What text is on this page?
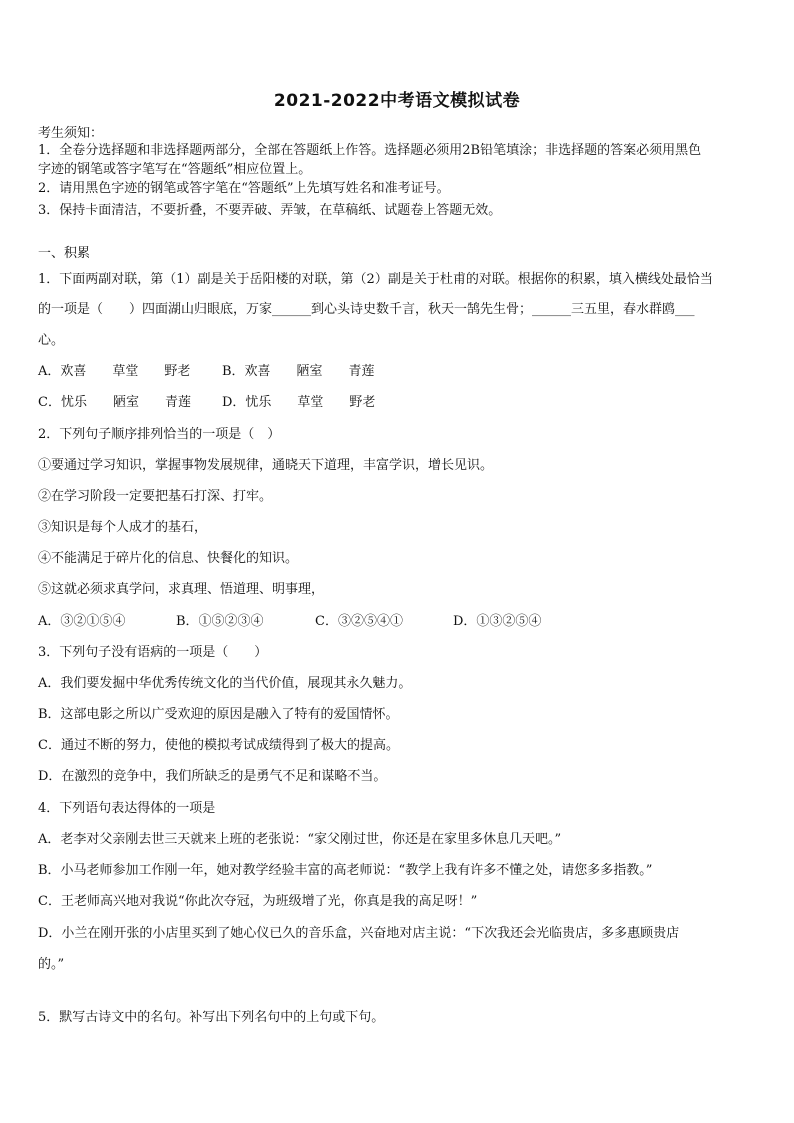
2021-2022中考语文模拟试卷
考生须知：
1．全卷分选择题和非选择题两部分，全部在答题纸上作答。选择题必须用2B铅笔填涂；非选择题的答案必须用黑色
字迹的钢笔或答字笔写在“答题纸”相应位置上。
2．请用黑色字迹的钢笔或答字笔在“答题纸”上先填写姓名和准考证号。
3．保持卡面清洁，不要折叠，不要弄破、弄皱，在草稿纸、试题卷上答题无效。
一、积累
1．下面两副对联，第（1）副是关于岳阳楼的对联，第（2）副是关于杜甫的对联。根据你的积累，填入横线处最恰当
的一项是（　　）四面湖山归眼底，万家______到心头诗史数千言，秋天一鹄先生骨；______三五里，春水群鸥___
心。
A．欢喜　　草堂　　野老 B．欢喜　　陋室　　青莲
C．忧乐　　陋室　　青莲 D．忧乐　　草堂　　野老
2．下列句子顺序排列恰当的一项是（　）
①要通过学习知识，掌握事物发展规律，通晓天下道理，丰富学识，增长见识。
②在学习阶段一定要把基石打深、打牢。
③知识是每个人成才的基石，
④不能满足于碎片化的信息、快餐化的知识。
⑤这就必须求真学问，求真理、悟道理、明事理，
A．③②①⑤④	B．①⑤②③④	C．③②⑤④①	D．①③②⑤④
3．下列句子没有语病的一项是（　　）
A．我们要发掘中华优秀传统文化的当代价值，展现其永久魅力。
B．这部电影之所以广受欢迎的原因是融入了特有的爱国情怀。
C．通过不断的努力，使他的模拟考试成绩得到了极大的提高。
D．在激烈的竞争中，我们所缺乏的是勇气不足和谋略不当。
4．下列语句表达得体的一项是
A．老李对父亲刚去世三天就来上班的老张说：“家父刚过世，你还是在家里多休息几天吧。”
B．小马老师参加工作刚一年，她对教学经验丰富的高老师说：“教学上我有许多不懂之处，请您多多指教。”
C．王老师高兴地对我说“你此次夺冠，为班级增了光，你真是我的高足呀！”
D．小兰在刚开张的小店里买到了她心仪已久的音乐盒，兴奋地对店主说：“下次我还会光临贵店，多多惠顾贵店
的。”
5．默写古诗文中的名句。补写出下列名句中的上句或下句。
